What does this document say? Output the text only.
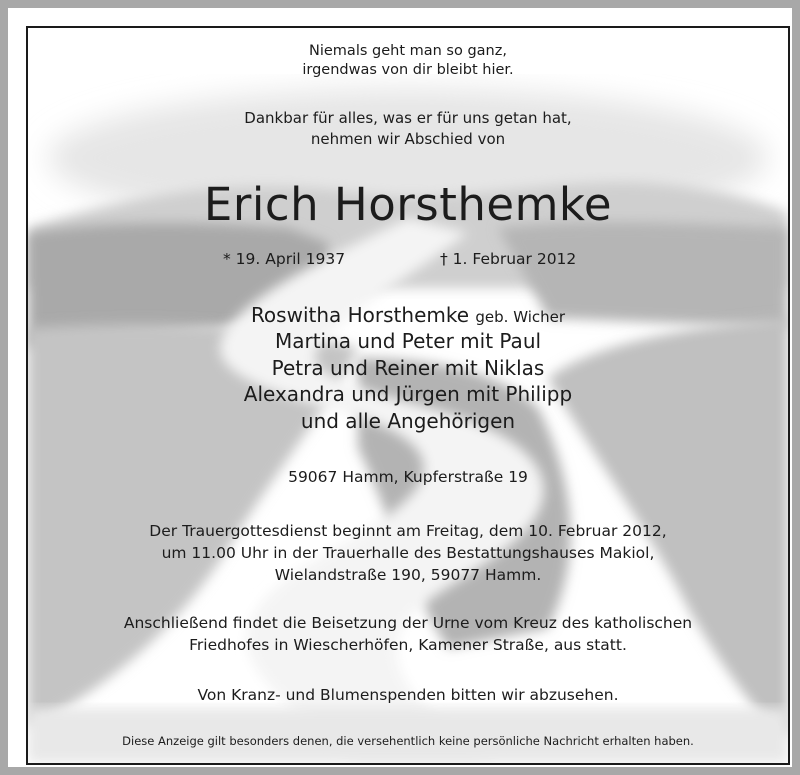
Niemals geht man so ganz,
irgendwas von dir bleibt hier.
Dankbar für alles, was er für uns getan hat,
nehmen wir Abschied von
Erich Horsthemke
* 19. April 1937	† 1. Februar 2012
Roswitha Horsthemke geb. Wicher
Martina und Peter mit Paul
Petra und Reiner mit Niklas
Alexandra und Jürgen mit Philipp
und alle Angehörigen
59067 Hamm, Kupferstraße 19
Der Trauergottesdienst beginnt am Freitag, dem 10. Februar 2012,
um 11.00 Uhr in der Trauerhalle des Bestattungshauses Makiol,
Wielandstraße 190, 59077 Hamm.
Anschließend findet die Beisetzung der Urne vom Kreuz des katholischen
Friedhofes in Wiescherhöfen, Kamener Straße, aus statt.
Von Kranz- und Blumenspenden bitten wir abzusehen.
Diese Anzeige gilt besonders denen, die versehentlich keine persönliche Nachricht erhalten haben.
